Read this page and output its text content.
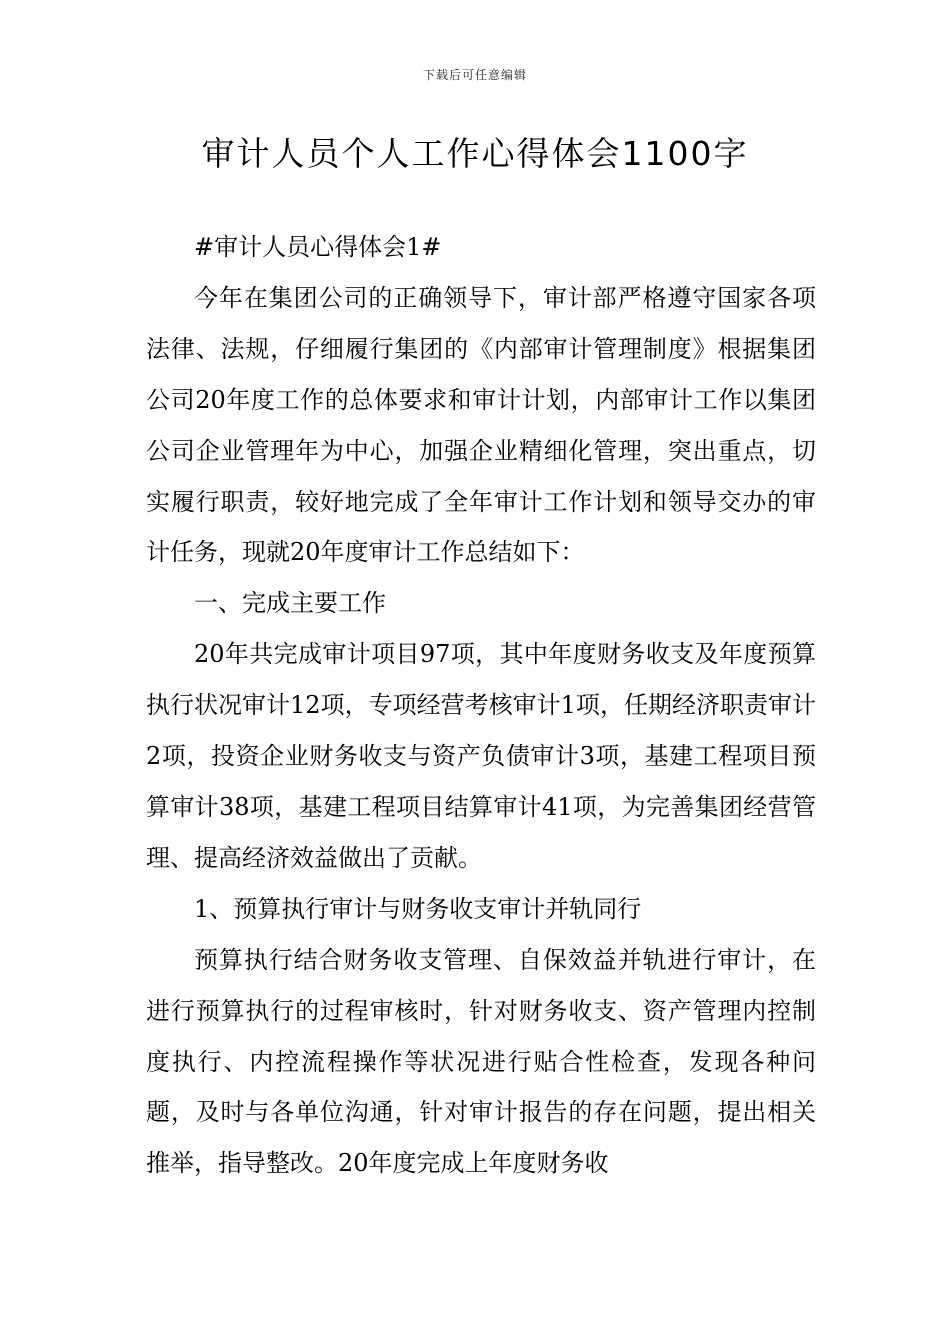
下载后可任意编辑
审计人员个人工作心得体会1100字

#审计人员心得体会1#

今年在集团公司的正确领导下，审计部严格遵守国家各项法律、法规，仔细履行集团的《内部审计管理制度》根据集团公司20年度工作的总体要求和审计计划，内部审计工作以集团公司企业管理年为中心，加强企业精细化管理，突出重点，切实履行职责，较好地完成了全年审计工作计划和领导交办的审计任务，现就20年度审计工作总结如下：

一、完成主要工作

20年共完成审计项目97项，其中年度财务收支及年度预算执行状况审计12项，专项经营考核审计1项，任期经济职责审计2项，投资企业财务收支与资产负债审计3项，基建工程项目预算审计38项，基建工程项目结算审计41项，为完善集团经营管理、提高经济效益做出了贡献。

1、预算执行审计与财务收支审计并轨同行

预算执行结合财务收支管理、自保效益并轨进行审计，在进行预算执行的过程审核时，针对财务收支、资产管理内控制度执行、内控流程操作等状况进行贴合性检查，发现各种问题，及时与各单位沟通，针对审计报告的存在问题，提出相关推举，指导整改。20年度完成上年度财务收
